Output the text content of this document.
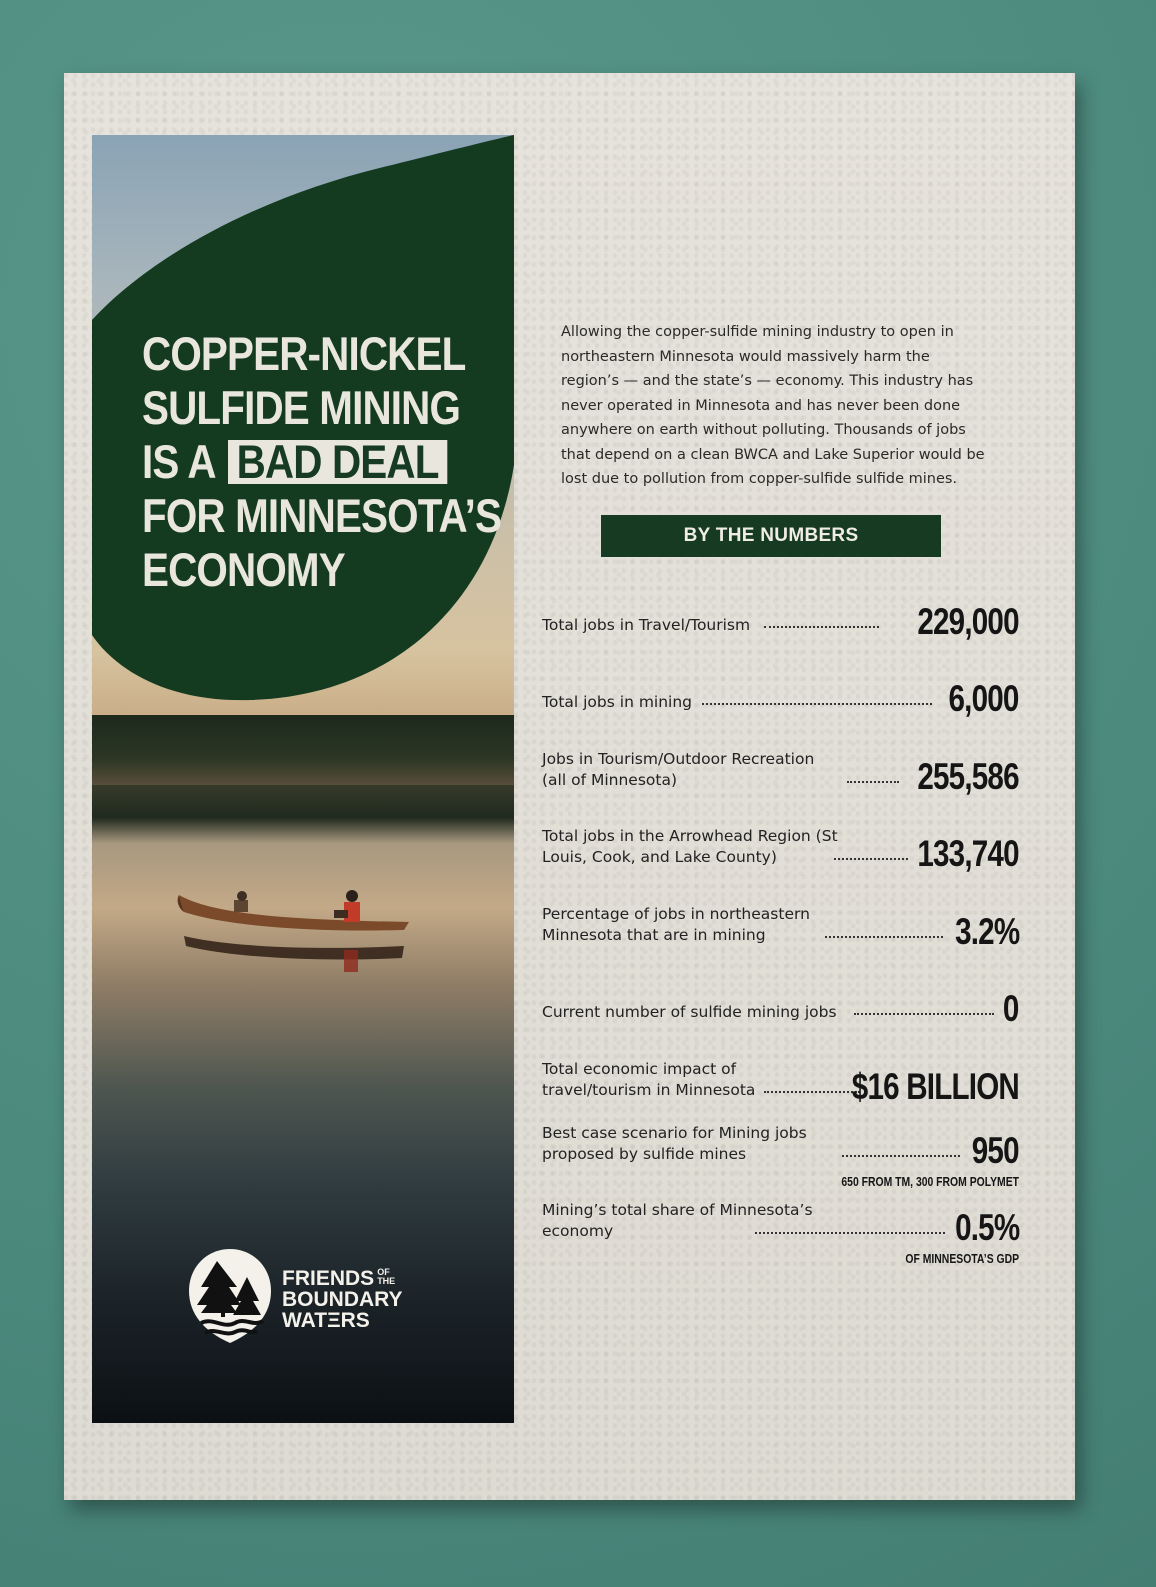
COPPER-NICKEL
SULFIDE MINING
IS A BAD DEAL
FOR MINNESOTA’S
ECONOMY
FRIENDS OF
THE
BOUNDARY
WATΞRS
Allowing the copper-sulfide mining industry to open in northeastern Minnesota would massively harm the region’s — and the state’s — economy. This industry has never operated in Minnesota and has never been done anywhere on earth without polluting. Thousands of jobs that depend on a clean BWCA and Lake Superior would be lost due to pollution from copper-sulfide sulfide mines.
BY THE NUMBERS
Total jobs in Travel/Tourism	229,000
Total jobs in mining	6,000
Jobs in Tourism/Outdoor Recreation (all of Minnesota)	255,586
Total jobs in the Arrowhead Region (St Louis, Cook, and Lake County)	133,740
Percentage of jobs in northeastern Minnesota that are in mining	3.2%
Current number of sulfide mining jobs	0
Total economic impact of travel/tourism in Minnesota	$16 BILLION
Best case scenario for Mining jobs proposed by sulfide mines	950
650 FROM TM, 300 FROM POLYMET
Mining’s total share of Minnesota’s economy	0.5%
OF MINNESOTA’S GDP
